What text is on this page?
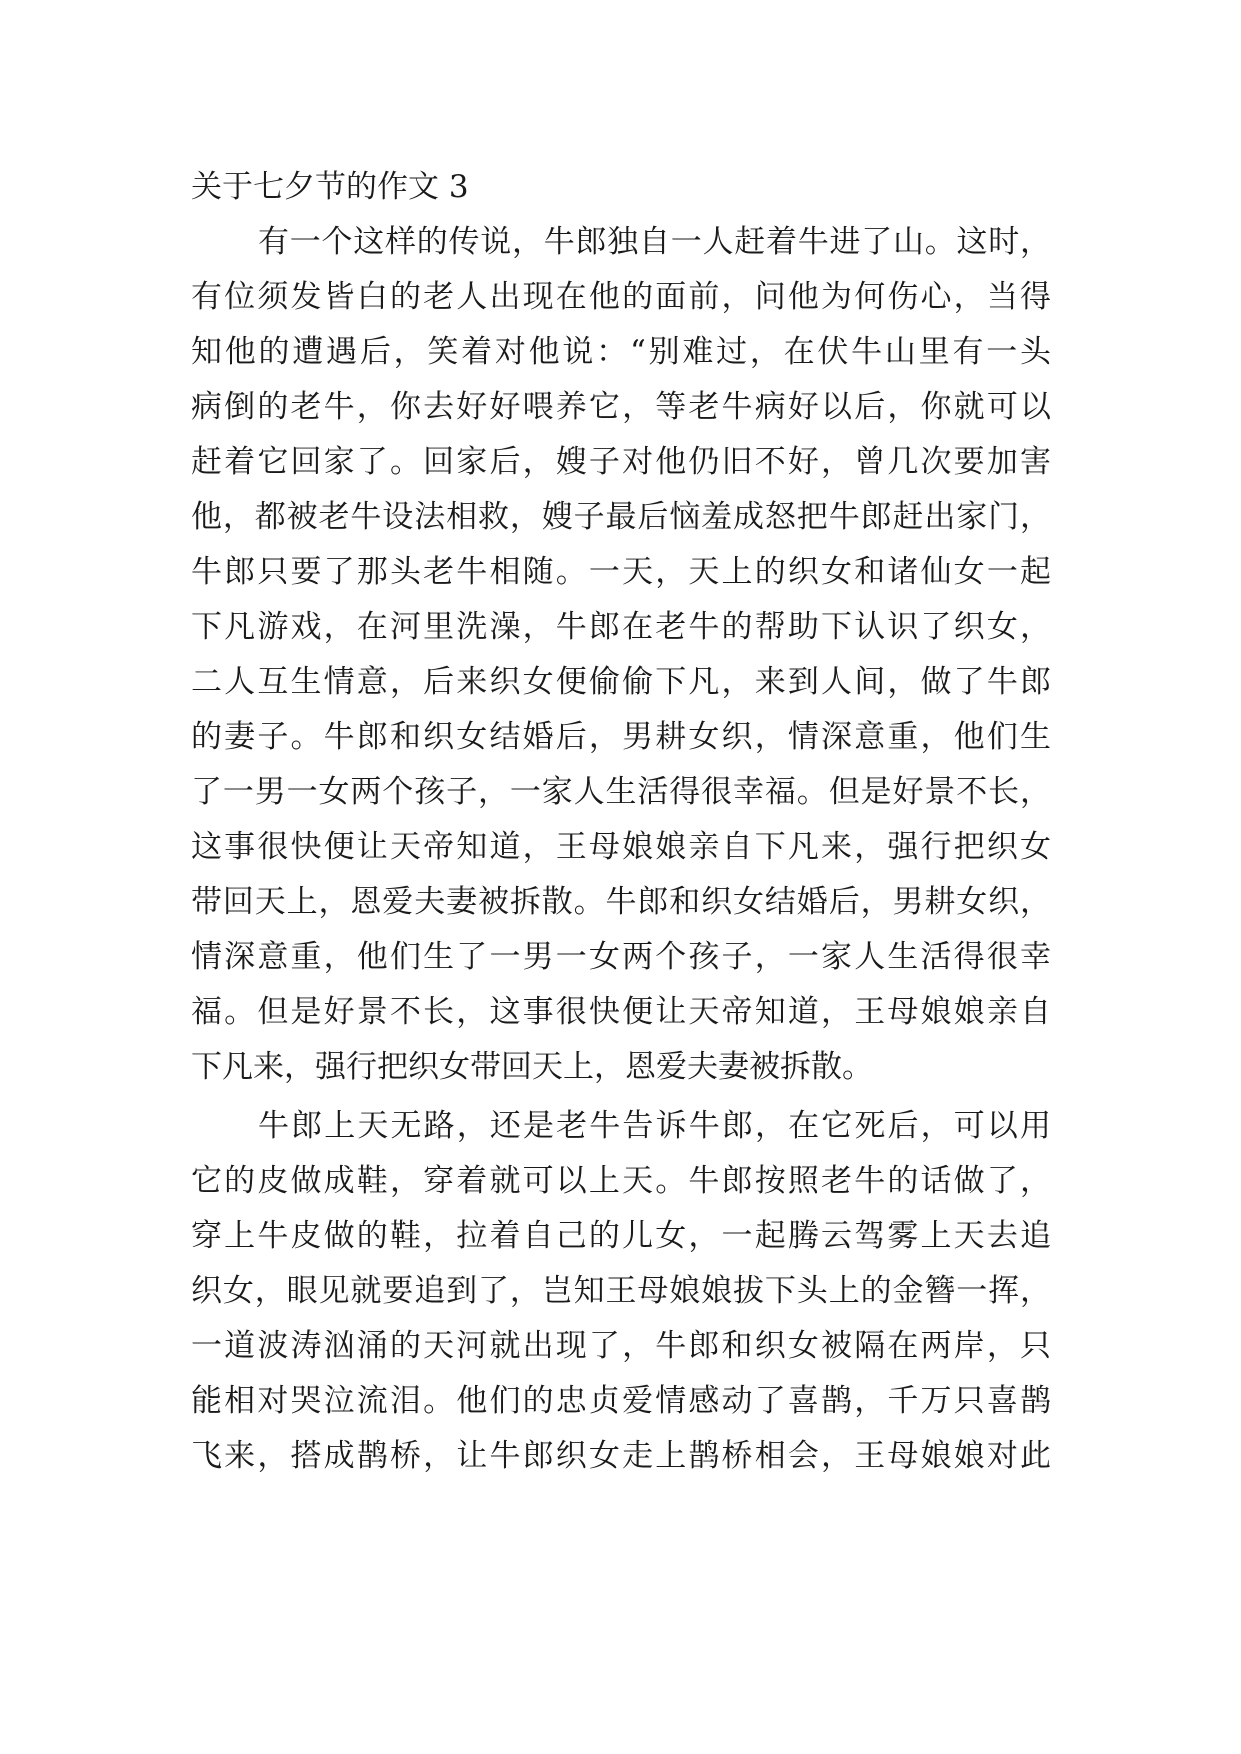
关于七夕节的作文 3
有一个这样的传说，牛郎独自一人赶着牛进了山。这时，
有位须发皆白的老人出现在他的面前，问他为何伤心，当得
知他的遭遇后，笑着对他说：“别难过，在伏牛山里有一头
病倒的老牛，你去好好喂养它，等老牛病好以后，你就可以
赶着它回家了。回家后，嫂子对他仍旧不好，曾几次要加害
他，都被老牛设法相救，嫂子最后恼羞成怒把牛郎赶出家门，
牛郎只要了那头老牛相随。一天，天上的织女和诸仙女一起
下凡游戏，在河里洗澡，牛郎在老牛的帮助下认识了织女，
二人互生情意，后来织女便偷偷下凡，来到人间，做了牛郎
的妻子。牛郎和织女结婚后，男耕女织，情深意重，他们生
了一男一女两个孩子，一家人生活得很幸福。但是好景不长，
这事很快便让天帝知道，王母娘娘亲自下凡来，强行把织女
带回天上，恩爱夫妻被拆散。牛郎和织女结婚后，男耕女织，
情深意重，他们生了一男一女两个孩子，一家人生活得很幸
福。但是好景不长，这事很快便让天帝知道，王母娘娘亲自
下凡来，强行把织女带回天上，恩爱夫妻被拆散。
牛郎上天无路，还是老牛告诉牛郎，在它死后，可以用
它的皮做成鞋，穿着就可以上天。牛郎按照老牛的话做了，
穿上牛皮做的鞋，拉着自己的儿女，一起腾云驾雾上天去追
织女，眼见就要追到了，岂知王母娘娘拔下头上的金簪一挥，
一道波涛汹涌的天河就出现了，牛郎和织女被隔在两岸，只
能相对哭泣流泪。他们的忠贞爱情感动了喜鹊，千万只喜鹊
飞来，搭成鹊桥，让牛郎织女走上鹊桥相会，王母娘娘对此
